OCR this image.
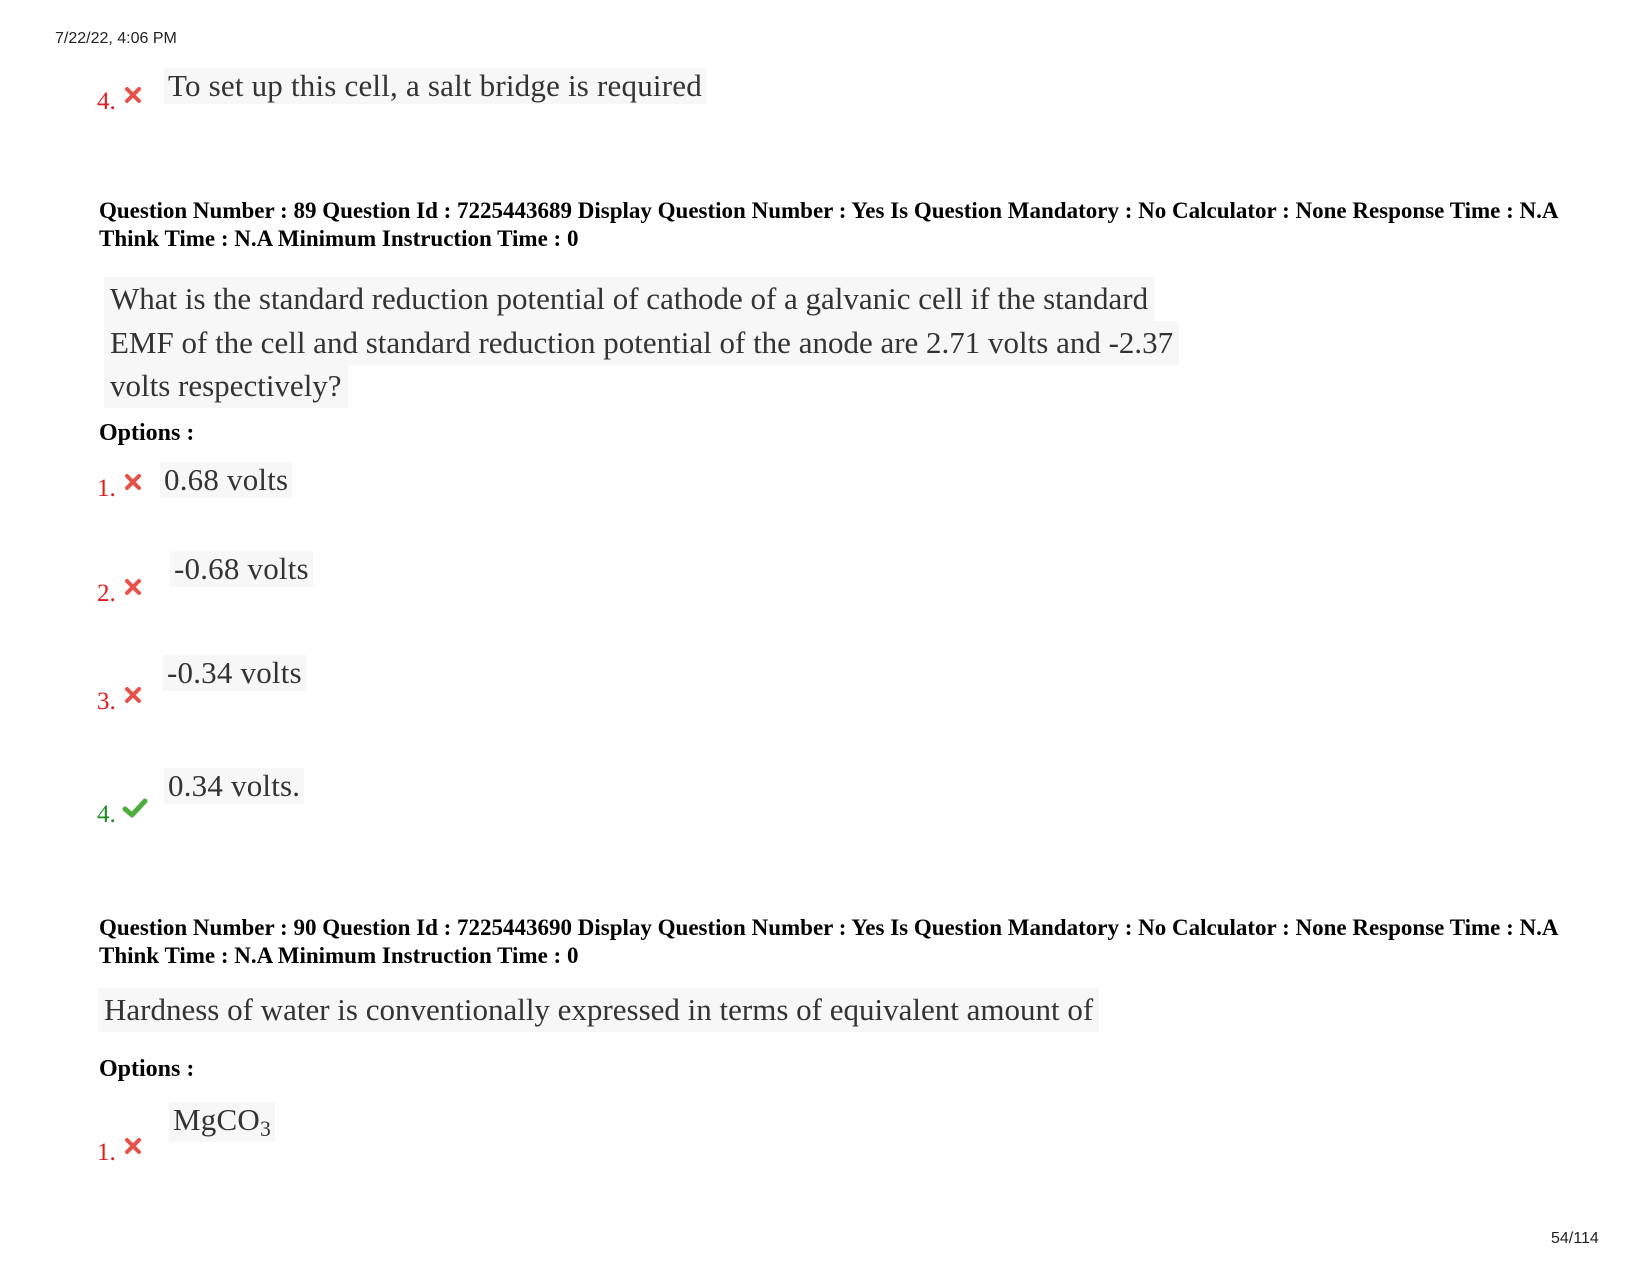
7/22/22, 4:06 PM
54/114
4.	To set up this cell, a salt bridge is required
Question Number : 89 Question Id : 7225443689 Display Question Number : Yes Is Question Mandatory : No Calculator : None Response Time : N.A Think Time : N.A Minimum Instruction Time : 0
What is the standard reduction potential of cathode of a galvanic cell if the standard
EMF of the cell and standard reduction potential of the anode are 2.71 volts and -2.37
volts respectively?
Options :
1.	0.68 volts
2.
-0.68 volts
3.
-0.34 volts
4.
0.34 volts.
Question Number : 90 Question Id : 7225443690 Display Question Number : Yes Is Question Mandatory : No Calculator : None Response Time : N.A Think Time : N.A Minimum Instruction Time : 0
Hardness of water is conventionally expressed in terms of equivalent amount of
Options :
1.
MgCO$_3$
